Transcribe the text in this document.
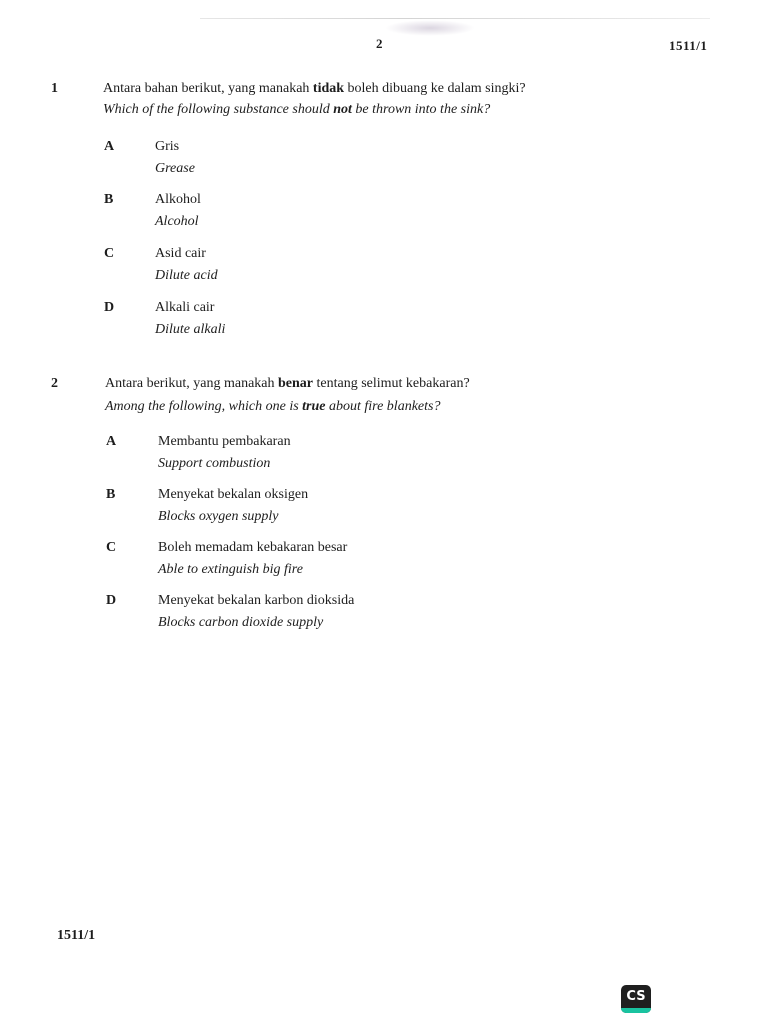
2	1511/1
1	Antara bahan berikut, yang manakah tidak boleh dibuang ke dalam singki?
Which of the following substance should not be thrown into the sink?
A	Gris
Grease
B	Alkohol
Alcohol
C	Asid cair
Dilute acid
D	Alkali cair
Dilute alkali
2	Antara berikut, yang manakah benar tentang selimut kebakaran?
Among the following, which one is true about fire blankets?
A	Membantu pembakaran
Support combustion
B	Menyekat bekalan oksigen
Blocks oxygen supply
C	Boleh memadam kebakaran besar
Able to extinguish big fire
D	Menyekat bekalan karbon dioksida
Blocks carbon dioxide supply
1511/1
CS
